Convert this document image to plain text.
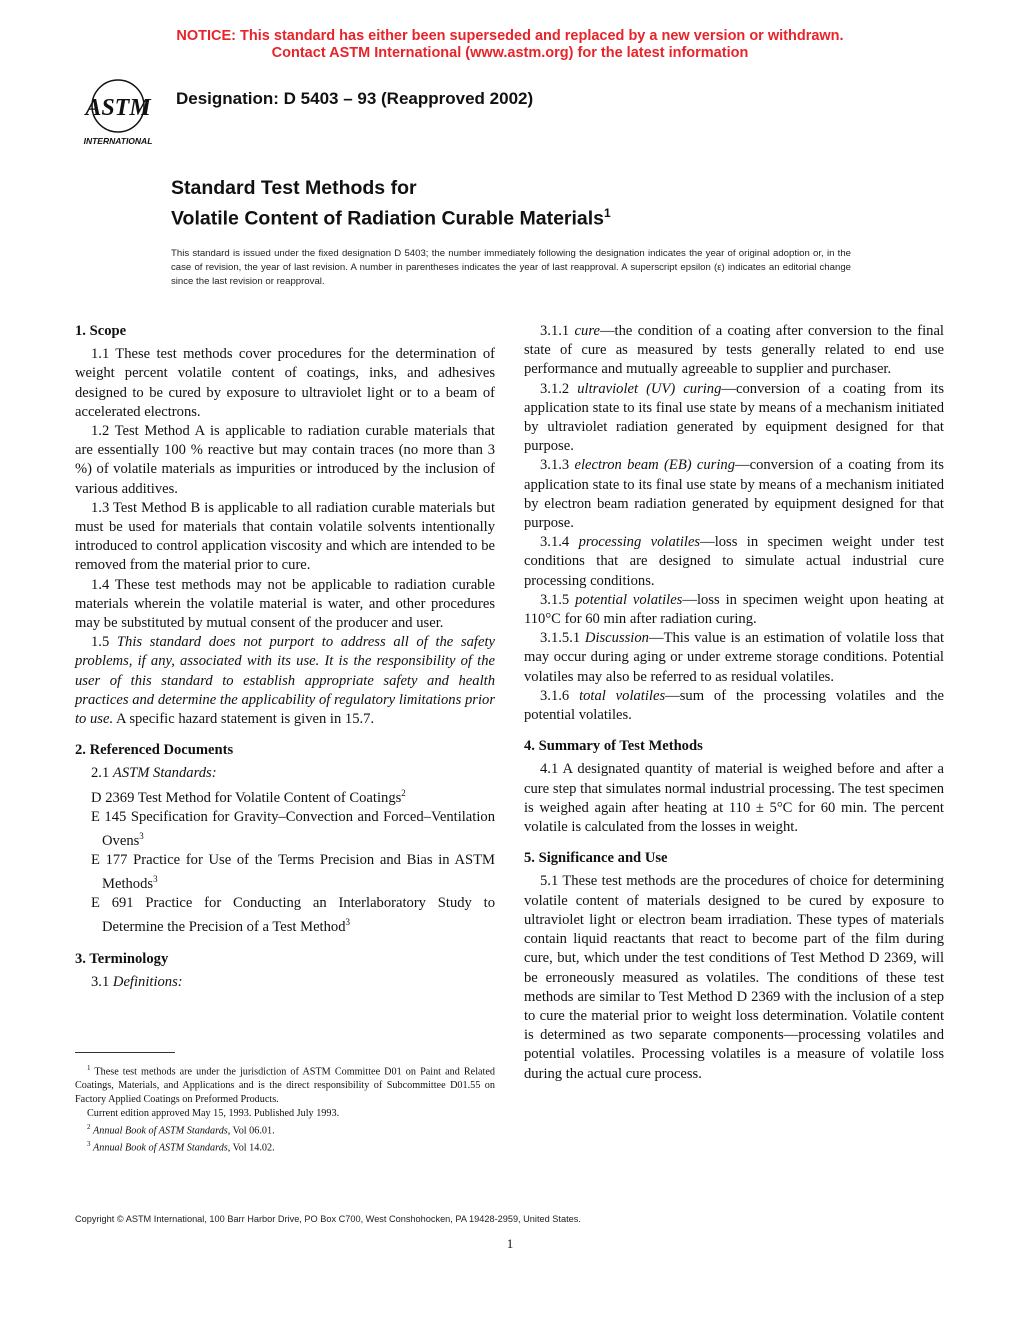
NOTICE: This standard has either been superseded and replaced by a new version or withdrawn.
Contact ASTM International (www.astm.org) for the latest information
ASTM
INTERNATIONAL
Designation: D 5403 – 93 (Reapproved 2002)
Standard Test Methods for
Volatile Content of Radiation Curable Materials$^1$
This standard is issued under the fixed designation D 5403; the number immediately following the designation indicates the year of original adoption or, in the case of revision, the year of last revision. A number in parentheses indicates the year of last reapproval. A superscript epsilon (ε) indicates an editorial change since the last revision or reapproval.
1. Scope

1.1 These test methods cover procedures for the determination of weight percent volatile content of coatings, inks, and adhesives designed to be cured by exposure to ultraviolet light or to a beam of accelerated electrons.

1.2 Test Method A is applicable to radiation curable materials that are essentially 100 % reactive but may contain traces (no more than 3 %) of volatile materials as impurities or introduced by the inclusion of various additives.

1.3 Test Method B is applicable to all radiation curable materials but must be used for materials that contain volatile solvents intentionally introduced to control application viscosity and which are intended to be removed from the material prior to cure.

1.4 These test methods may not be applicable to radiation curable materials wherein the volatile material is water, and other procedures may be substituted by mutual consent of the producer and user.

1.5 This standard does not purport to address all of the safety problems, if any, associated with its use. It is the responsibility of the user of this standard to establish appropriate safety and health practices and determine the applicability of regulatory limitations prior to use. A specific hazard statement is given in 15.7.

2. Referenced Documents

2.1 ASTM Standards:

D 2369 Test Method for Volatile Content of Coatings$^2$

E 145 Specification for Gravity–Convection and Forced–Ventilation Ovens$^3$

E 177 Practice for Use of the Terms Precision and Bias in ASTM Methods$^3$

E 691 Practice for Conducting an Interlaboratory Study to Determine the Precision of a Test Method$^3$

3. Terminology

3.1 Definitions:

3.1.1 cure—the condition of a coating after conversion to the final state of cure as measured by tests generally related to end use performance and mutually agreeable to supplier and purchaser.

3.1.2 ultraviolet (UV) curing—conversion of a coating from its application state to its final use state by means of a mechanism initiated by ultraviolet radiation generated by equipment designed for that purpose.

3.1.3 electron beam (EB) curing—conversion of a coating from its application state to its final use state by means of a mechanism initiated by electron beam radiation generated by equipment designed for that purpose.

3.1.4 processing volatiles—loss in specimen weight under test conditions that are designed to simulate actual industrial cure processing conditions.

3.1.5 potential volatiles—loss in specimen weight upon heating at 110°C for 60 min after radiation curing.

3.1.5.1 Discussion—This value is an estimation of volatile loss that may occur during aging or under extreme storage conditions. Potential volatiles may also be referred to as residual volatiles.

3.1.6 total volatiles—sum of the processing volatiles and the potential volatiles.

4. Summary of Test Methods

4.1 A designated quantity of material is weighed before and after a cure step that simulates normal industrial processing. The test specimen is weighed again after heating at 110 ± 5°C for 60 min. The percent volatile is calculated from the losses in weight.

5. Significance and Use

5.1 These test methods are the procedures of choice for determining volatile content of materials designed to be cured by exposure to ultraviolet light or electron beam irradiation. These types of materials contain liquid reactants that react to become part of the film during cure, but, which under the test conditions of Test Method D 2369, will be erroneously measured as volatiles. The conditions of these test methods are similar to Test Method D 2369 with the inclusion of a step to cure the material prior to weight loss determination. Volatile content is determined as two separate components—processing volatiles and potential volatiles. Processing volatiles is a measure of volatile loss during the actual cure process.

$^1$ These test methods are under the jurisdiction of ASTM Committee D01 on Paint and Related Coatings, Materials, and Applications and is the direct responsibility of Subcommittee D01.55 on Factory Applied Coatings on Preformed Products.

Current edition approved May 15, 1993. Published July 1993.

$^2$ Annual Book of ASTM Standards, Vol 06.01.

$^3$ Annual Book of ASTM Standards, Vol 14.02.

Copyright © ASTM International, 100 Barr Harbor Drive, PO Box C700, West Conshohocken, PA 19428-2959, United States.
1
